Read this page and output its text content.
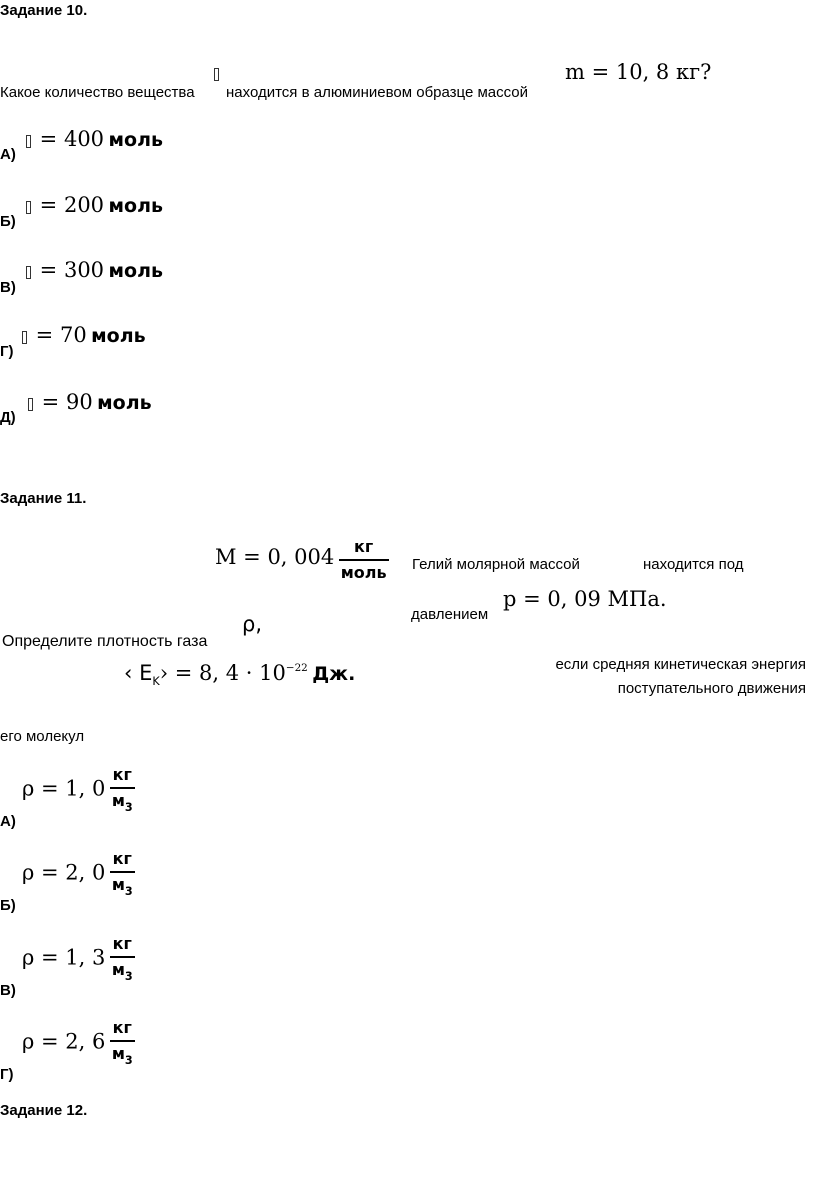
Задание 10.
Какое количество вещества находится в алюминиевом образце массой
m = 10, 8 кг?
А)
= 400 моль
Б)
= 200 моль
В)
= 300 моль
Г)
= 70 моль
Д)
= 90 моль
Задание 11.
M = 0, $004 \frac{кг}{\text{моль}}$ Гелий молярной массой	находится под
давлением
p = 0, 09 МПа.
ρ,
Определите плотность газа
‹ $E_K› = 8$, $4 \cdot 10^{-22}$ Дж.	если средняя кинетическая энергия
поступательного движения
его молекул
А)
ρ = 1, $0 \frac{кг}{м_3}$
Б)
ρ = 2, $0 \frac{кг}{м_3}$
В)
ρ = 1, $3 \frac{кг}{м_3}$
Г)
ρ = 2, $6 \frac{кг}{м_3}$
Задание 12.
